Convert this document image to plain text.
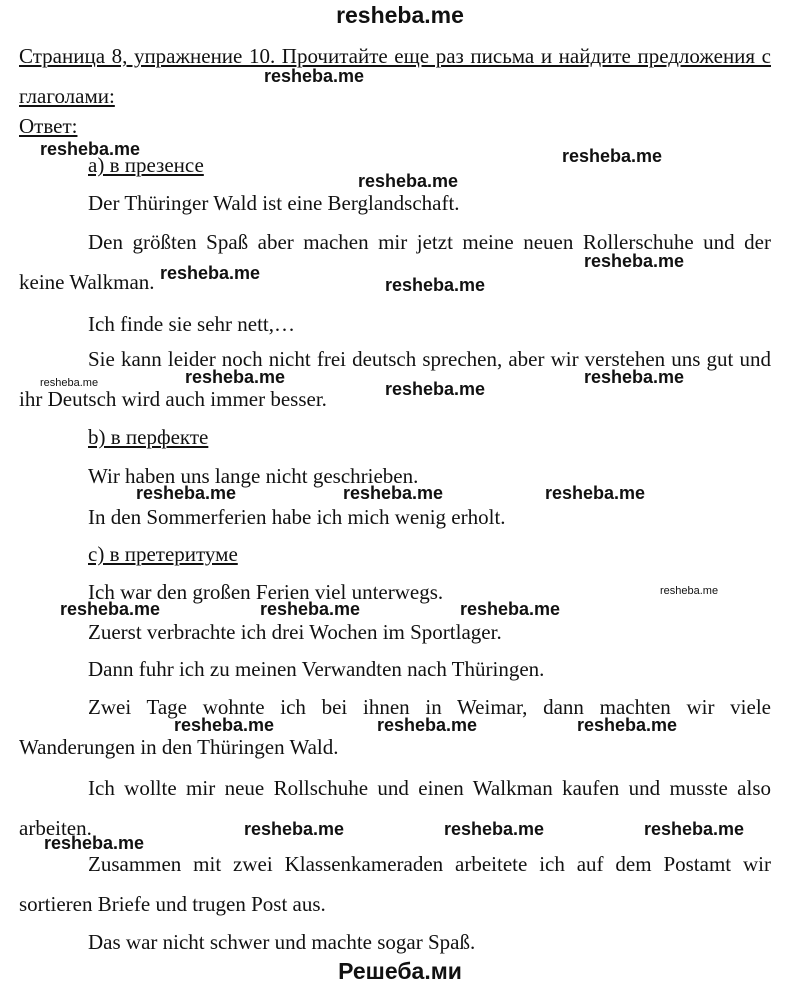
resheba.me
Страница 8, упражнение 10. Прочитайте еще раз письма и найдите предложения с глаголами:
Ответ:
а) в презенсе
Der Thüringer Wald ist eine Berglandschaft.
Den größten Spaß aber machen mir jetzt meine neuen Rollerschuhe und der keine Walkman.
Ich finde sie sehr nett,…
Sie kann leider noch nicht frei deutsch sprechen, aber wir verstehen uns gut und ihr Deutsch wird auch immer besser.
b) в перфекте
Wir haben uns lange nicht geschrieben.
In den Sommerferien habe ich mich wenig erholt.
с) в претеритуме
Ich war den großen Ferien viel unterwegs.
Zuerst verbrachte ich drei Wochen im Sportlager.
Dann fuhr ich zu meinen Verwandten nach Thüringen.
Zwei Tage wohnte ich bei ihnen in Weimar, dann machten wir viele Wanderungen in den Thüringen Wald.
Ich wollte mir neue Rollschuhe und einen Walkman kaufen und musste also arbeiten.
Zusammen mit zwei Klassenkameraden arbeitete ich auf dem Postamt wir sortieren Briefe und trugen Post aus.
Das war nicht schwer und machte sogar Spaß.
resheba.me
resheba.me	resheba.me
resheba.me
resheba.me
resheba.me
resheba.me
resheba.me	resheba.me	resheba.me
resheba.me
resheba.me	resheba.me	resheba.me
resheba.me
resheba.me	resheba.me	resheba.me
resheba.me	resheba.me	resheba.me
resheba.me	resheba.me	resheba.me
resheba.me
Решеба.ми
